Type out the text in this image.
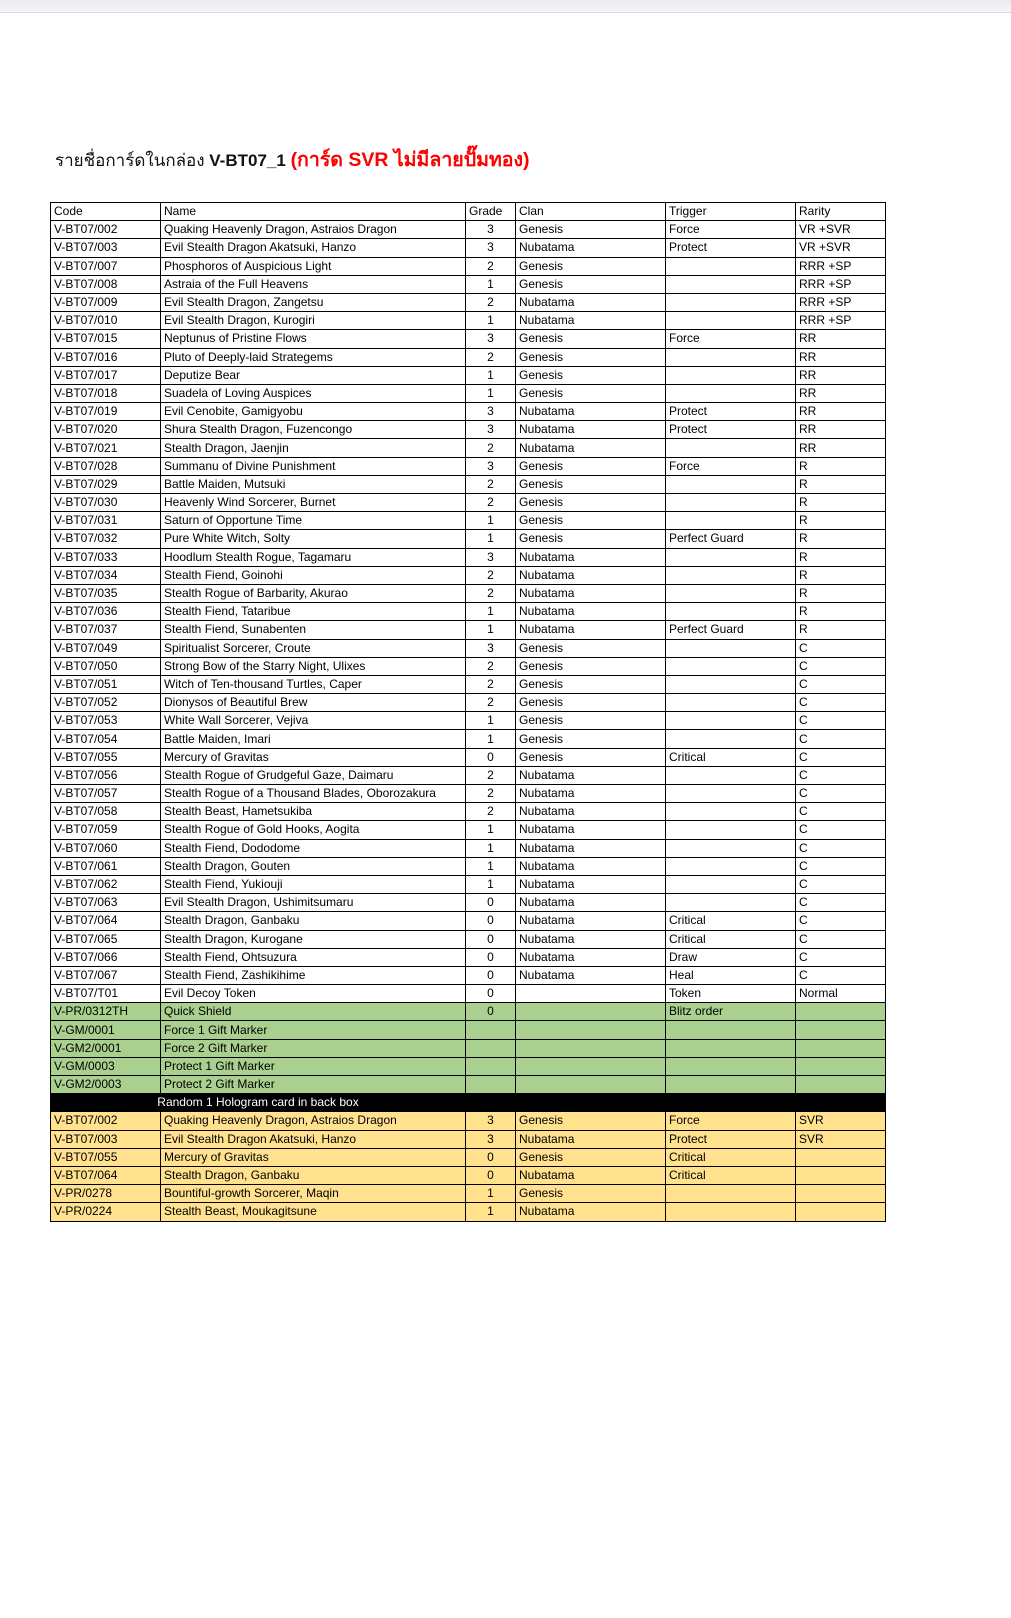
รายชื่อการ์ดในกล่อง V-BT07_1 (การ์ด SVR ไม่มีลายปั๊มทอง)
Code	Name	Grade	Clan	Trigger	Rarity
V-BT07/002	Quaking Heavenly Dragon, Astraios Dragon	3	Genesis	Force	VR +SVR
V-BT07/003	Evil Stealth Dragon Akatsuki, Hanzo	3	Nubatama	Protect	VR +SVR
V-BT07/007	Phosphoros of Auspicious Light	2	Genesis		RRR +SP
V-BT07/008	Astraia of the Full Heavens	1	Genesis		RRR +SP
V-BT07/009	Evil Stealth Dragon, Zangetsu	2	Nubatama		RRR +SP
V-BT07/010	Evil Stealth Dragon, Kurogiri	1	Nubatama		RRR +SP
V-BT07/015	Neptunus of Pristine Flows	3	Genesis	Force	RR
V-BT07/016	Pluto of Deeply-laid Strategems	2	Genesis		RR
V-BT07/017	Deputize Bear	1	Genesis		RR
V-BT07/018	Suadela of Loving Auspices	1	Genesis		RR
V-BT07/019	Evil Cenobite, Gamigyobu	3	Nubatama	Protect	RR
V-BT07/020	Shura Stealth Dragon, Fuzencongo	3	Nubatama	Protect	RR
V-BT07/021	Stealth Dragon, Jaenjin	2	Nubatama		RR
V-BT07/028	Summanu of Divine Punishment	3	Genesis	Force	R
V-BT07/029	Battle Maiden, Mutsuki	2	Genesis		R
V-BT07/030	Heavenly Wind Sorcerer, Burnet	2	Genesis		R
V-BT07/031	Saturn of Opportune Time	1	Genesis		R
V-BT07/032	Pure White Witch, Solty	1	Genesis	Perfect Guard	R
V-BT07/033	Hoodlum Stealth Rogue, Tagamaru	3	Nubatama		R
V-BT07/034	Stealth Fiend, Goinohi	2	Nubatama		R
V-BT07/035	Stealth Rogue of Barbarity, Akurao	2	Nubatama		R
V-BT07/036	Stealth Fiend, Tataribue	1	Nubatama		R
V-BT07/037	Stealth Fiend, Sunabenten	1	Nubatama	Perfect Guard	R
V-BT07/049	Spiritualist Sorcerer, Croute	3	Genesis		C
V-BT07/050	Strong Bow of the Starry Night, Ulixes	2	Genesis		C
V-BT07/051	Witch of Ten-thousand Turtles, Caper	2	Genesis		C
V-BT07/052	Dionysos of Beautiful Brew	2	Genesis		C
V-BT07/053	White Wall Sorcerer, Vejiva	1	Genesis		C
V-BT07/054	Battle Maiden, Imari	1	Genesis		C
V-BT07/055	Mercury of Gravitas	0	Genesis	Critical	C
V-BT07/056	Stealth Rogue of Grudgeful Gaze, Daimaru	2	Nubatama		C
V-BT07/057	Stealth Rogue of a Thousand Blades, Oborozakura	2	Nubatama		C
V-BT07/058	Stealth Beast, Hametsukiba	2	Nubatama		C
V-BT07/059	Stealth Rogue of Gold Hooks, Aogita	1	Nubatama		C
V-BT07/060	Stealth Fiend, Dododome	1	Nubatama		C
V-BT07/061	Stealth Dragon, Gouten	1	Nubatama		C
V-BT07/062	Stealth Fiend, Yukiouji	1	Nubatama		C
V-BT07/063	Evil Stealth Dragon, Ushimitsumaru	0	Nubatama		C
V-BT07/064	Stealth Dragon, Ganbaku	0	Nubatama	Critical	C
V-BT07/065	Stealth Dragon, Kurogane	0	Nubatama	Critical	C
V-BT07/066	Stealth Fiend, Ohtsuzura	0	Nubatama	Draw	C
V-BT07/067	Stealth Fiend, Zashikihime	0	Nubatama	Heal	C
V-BT07/T01	Evil Decoy Token	0		Token	Normal
V-PR/0312TH	Quick Shield	0		Blitz order	
V-GM/0001	Force 1 Gift Marker				
V-GM2/0001	Force 2 Gift Marker				
V-GM/0003	Protect 1 Gift Marker				
V-GM2/0003	Protect 2 Gift Marker				
Random 1 Hologram card in back box					
V-BT07/002	Quaking Heavenly Dragon, Astraios Dragon	3	Genesis	Force	SVR
V-BT07/003	Evil Stealth Dragon Akatsuki, Hanzo	3	Nubatama	Protect	SVR
V-BT07/055	Mercury of Gravitas	0	Genesis	Critical	
V-BT07/064	Stealth Dragon, Ganbaku	0	Nubatama	Critical	
V-PR/0278	Bountiful-growth Sorcerer, Maqin	1	Genesis		
V-PR/0224	Stealth Beast, Moukagitsune	1	Nubatama		
